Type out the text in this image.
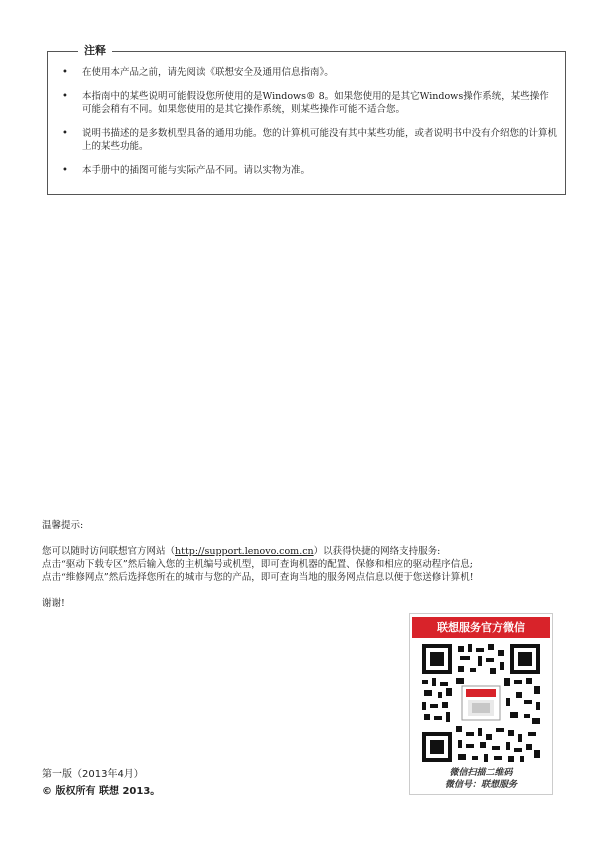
注释
• 在使用本产品之前，请先阅读《联想安全及通用信息指南》。
• 本指南中的某些说明可能假设您所使用的是Windows® 8。如果您使用的是其它Windows操作系统，某些操作可能会稍有不同。如果您使用的是其它操作系统，则某些操作可能不适合您。
• 说明书描述的是多数机型具备的通用功能。您的计算机可能没有其中某些功能，或者说明书中没有介绍您的计算机上的某些功能。
• 本手册中的插图可能与实际产品不同。请以实物为准。

温馨提示:

您可以随时访问联想官方网站（http://support.lenovo.com.cn）以获得快捷的网络支持服务:

点击“驱动下载专区”然后输入您的主机编号或机型，即可查询机器的配置、保修和相应的驱动程序信息;

点击“维修网点”然后选择您所在的城市与您的产品，即可查询当地的服务网点信息以便于您送修计算机!

谢谢!

联想服务官方微信
微信扫描二维码
微信号：联想服务

第一版（2013年4月）

© 版权所有 联想 2013。
